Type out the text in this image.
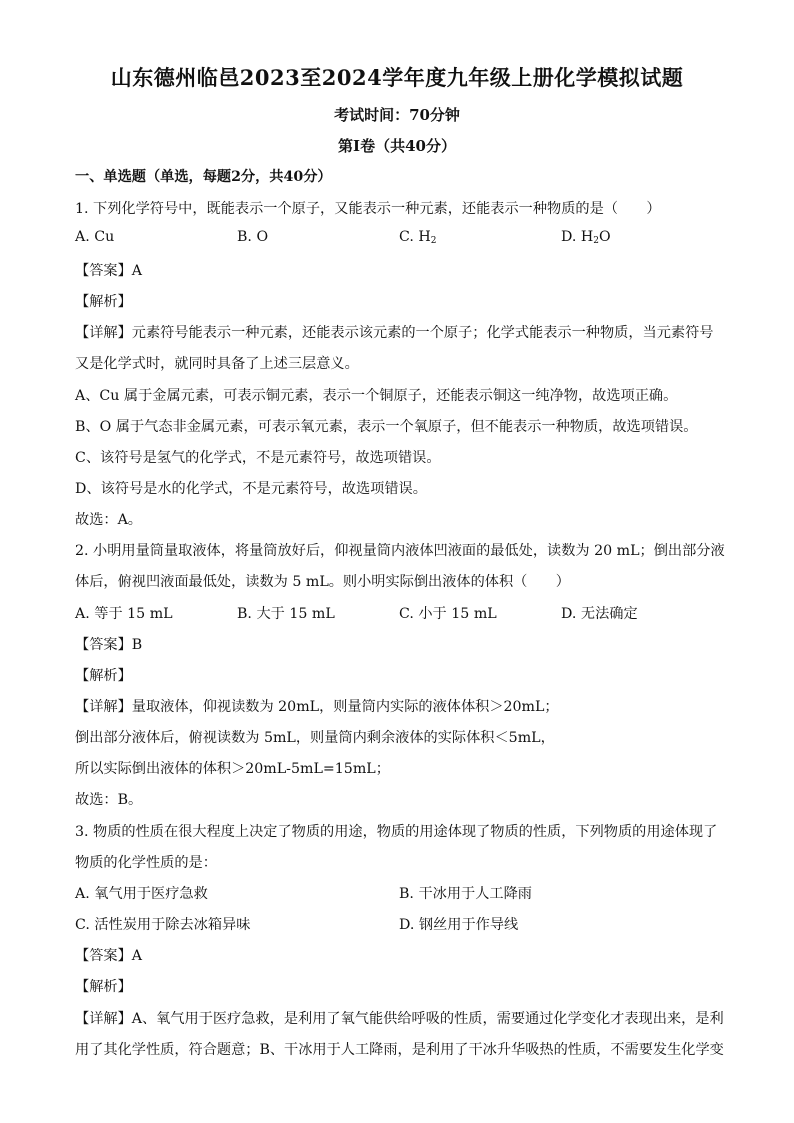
山东德州临邑2023至2024学年度九年级上册化学模拟试题
考试时间：70分钟
第I卷（共40分）
一、单选题（单选，每题2分，共40分）
1. 下列化学符号中，既能表示一个原子，又能表示一种元素，还能表示一种物质的是（　　）
A. Cu	B. O	C. $H_2$	D. $H_2O$
【答案】A
【解析】
【详解】元素符号能表示一种元素，还能表示该元素的一个原子；化学式能表示一种物质，当元素符号
又是化学式时，就同时具备了上述三层意义。
A、Cu 属于金属元素，可表示铜元素，表示一个铜原子，还能表示铜这一纯净物，故选项正确。
B、O 属于气态非金属元素，可表示氧元素，表示一个氧原子，但不能表示一种物质，故选项错误。
C、该符号是氢气的化学式，不是元素符号，故选项错误。
D、该符号是水的化学式，不是元素符号，故选项错误。
故选：A。
2. 小明用量筒量取液体，将量筒放好后，仰视量筒内液体凹液面的最低处，读数为 20 mL；倒出部分液
体后，俯视凹液面最低处，读数为 5 mL。则小明实际倒出液体的体积（　　）
A. 等于 15 mL	B. 大于 15 mL	C. 小于 15 mL	D. 无法确定
【答案】B
【解析】
【详解】量取液体，仰视读数为 20mL，则量筒内实际的液体体积＞20mL；
倒出部分液体后，俯视读数为 5mL，则量筒内剩余液体的实际体积＜5mL，
所以实际倒出液体的体积＞20mL-5mL=15mL；
故选：B。
3. 物质的性质在很大程度上决定了物质的用途，物质的用途体现了物质的性质，下列物质的用途体现了
物质的化学性质的是：
A. 氧气用于医疗急救	B. 干冰用于人工降雨
C. 活性炭用于除去冰箱异味	D. 钢丝用于作导线
【答案】A
【解析】
【详解】A、氧气用于医疗急救，是利用了氧气能供给呼吸的性质，需要通过化学变化才表现出来，是利
用了其化学性质，符合题意；B、干冰用于人工降雨，是利用了干冰升华吸热的性质，不需要发生化学变
